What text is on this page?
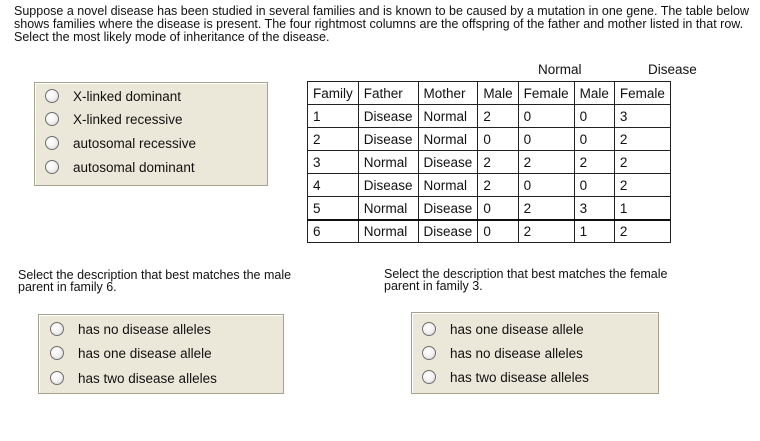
Suppose a novel disease has been studied in several families and is known to be caused by a mutation in one gene. The table below shows families where the disease is present. The four rightmost columns are the offspring of the father and mother listed in that row. Select the most likely mode of inheritance of the disease.

X-linked dominant
X-linked recessive
autosomal recessive
autosomal dominant
Normal	Disease
Family	Father	Mother	Male	Female	Male	Female
1	Disease	Normal	2	0	0	3
2	Disease	Normal	0	0	0	2
3	Normal	Disease	2	2	2	2
4	Disease	Normal	2	0	0	2
5	Normal	Disease	0	2	3	1
6	Normal	Disease	0	2	1	2

Select the description that best matches the male parent in family 6.

has no disease alleles
has one disease allele
has two disease alleles

Select the description that best matches the female parent in family 3.

has one disease allele
has no disease alleles
has two disease alleles
